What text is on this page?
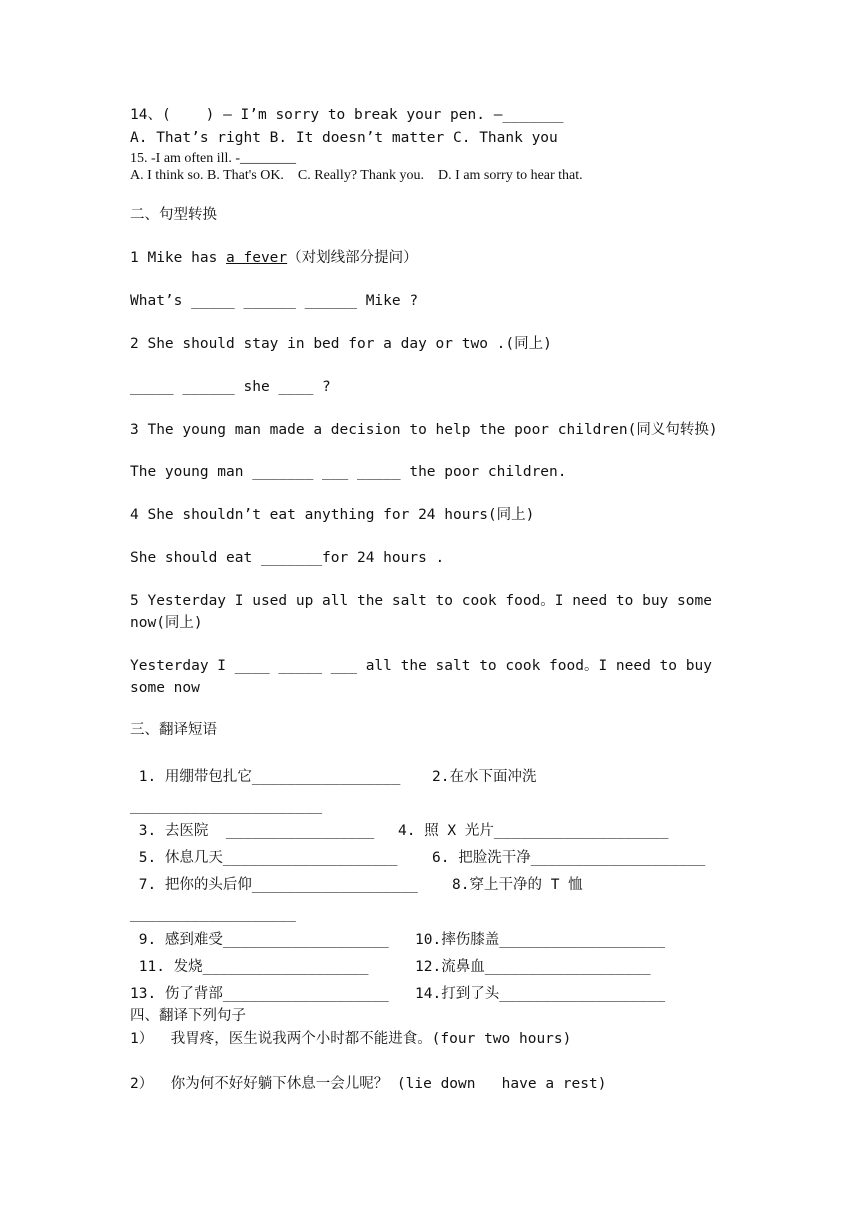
14、(    ) — I’m sorry to break your pen. —_______
A. That’s right B. It doesn’t matter C. Thank you
15. -I am often ill. -________
A. I think so. B. That's OK.    C. Really? Thank you.    D. I am sorry to hear that.
二、句型转换
1 Mike has a fever（对划线部分提问）
What’s _____ ______ ______ Mike ?
2 She should stay in bed for a day or two .(同上)
_____ ______ she ____ ?
3 The young man made a decision to help the poor children(同义句转换)
The young man _______ ___ _____ the poor children.
4 She shouldn’t eat anything for 24 hours(同上)
She should eat _______for 24 hours .
5 Yesterday I used up all the salt to cook food。I need to buy some now(同上)
Yesterday I ____ _____ ___ all the salt to cook food。I need to buy some now
三、翻译短语
1. 用绷带包扎它_________________ 2.在水下面冲洗
______________________
3. 去医院  _________________ 4. 照 X 光片____________________
5. 休息几天____________________ 6. 把脸洗干净____________________
7. 把你的头后仰___________________ 8.穿上干净的 T 恤
___________________
9. 感到难受___________________ 10.摔伤膝盖___________________
11. 发烧___________________	12.流鼻血___________________
13. 伤了背部___________________ 14.打到了头___________________
四、翻译下列句子
1）  我胃疼，医生说我两个小时都不能进食。(four two hours)
2）  你为何不好好躺下休息一会儿呢？ (lie down   have a rest)
